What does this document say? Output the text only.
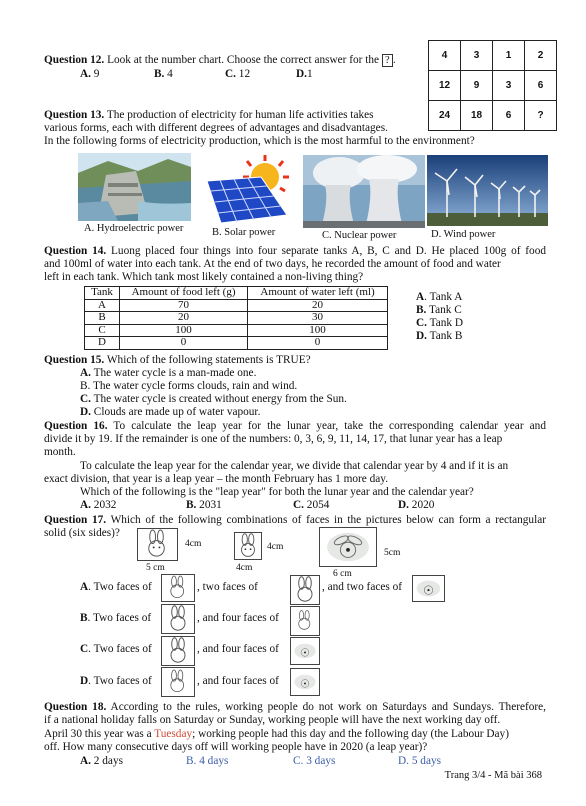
Question 12. Look at the number chart. Choose the correct answer for the ? .
A. 9	B. 4	C. 12	D.1
4	3	1	2
12	9	3	6
24	18	6	?
Question 13. The production of electricity for human life activities takes
various forms, each with different degrees of advantages and disadvantages.
In the following forms of electricity production, which is the most harmful to the environment?
A. Hydroelectric power	B. Solar power	C. Nuclear power	D. Wind power
Question 14. Luong placed four things into four separate tanks A, B, C and D. He placed 100g of food
and 100ml of water into each tank. At the end of two days, he recorded the amount of food and water
left in each tank. Which tank most likely contained a non-living thing?
Tank	Amount of food left (g)	Amount of water left (ml)
A	70	20
B	20	30
C	100	100
D	0	0
A. Tank A
B. Tank C
C. Tank D
D. Tank B
Question 15. Which of the following statements is TRUE?
A. The water cycle is a man-made one.
B. The water cycle forms clouds, rain and wind.
C. The water cycle is created without energy from the Sun.
D. Clouds are made up of water vapour.
Question 16. To calculate the leap year for the lunar year, take the corresponding calendar year and
divide it by 19. If the remainder is one of the numbers: 0, 3, 6, 9, 11, 14, 17, that lunar year has a leap
month.
To calculate the leap year for the calendar year, we divide that calendar year by 4 and if it is an
exact division, that year is a leap year – the month February has 1 more day.
Which of the following is the "leap year" for both the lunar year and the calendar year?
A. 2032	B. 2031	C. 2054	D. 2020
Question 17. Which of the following combinations of faces in the pictures below can form a rectangular
solid (six sides)?
4cm
5 cm
4cm
4cm
5cm
6 cm
A. Two faces of	, two faces of	, and two faces of
B. Two faces of	, and four faces of
C. Two faces of	, and four faces of
D. Two faces of	, and four faces of
Question 18. According to the rules, working people do not work on Saturdays and Sundays. Therefore,
if a national holiday falls on Saturday or Sunday, working people will have the next working day off.
April 30 this year was a Tuesday; working people had this day and the following day (the Labour Day)
off. How many consecutive days off will working people have in 2020 (a leap year)?
A. 2 days	B. 4 days	C. 3 days	D. 5 days
Trang 3/4 - Mã bài 368
